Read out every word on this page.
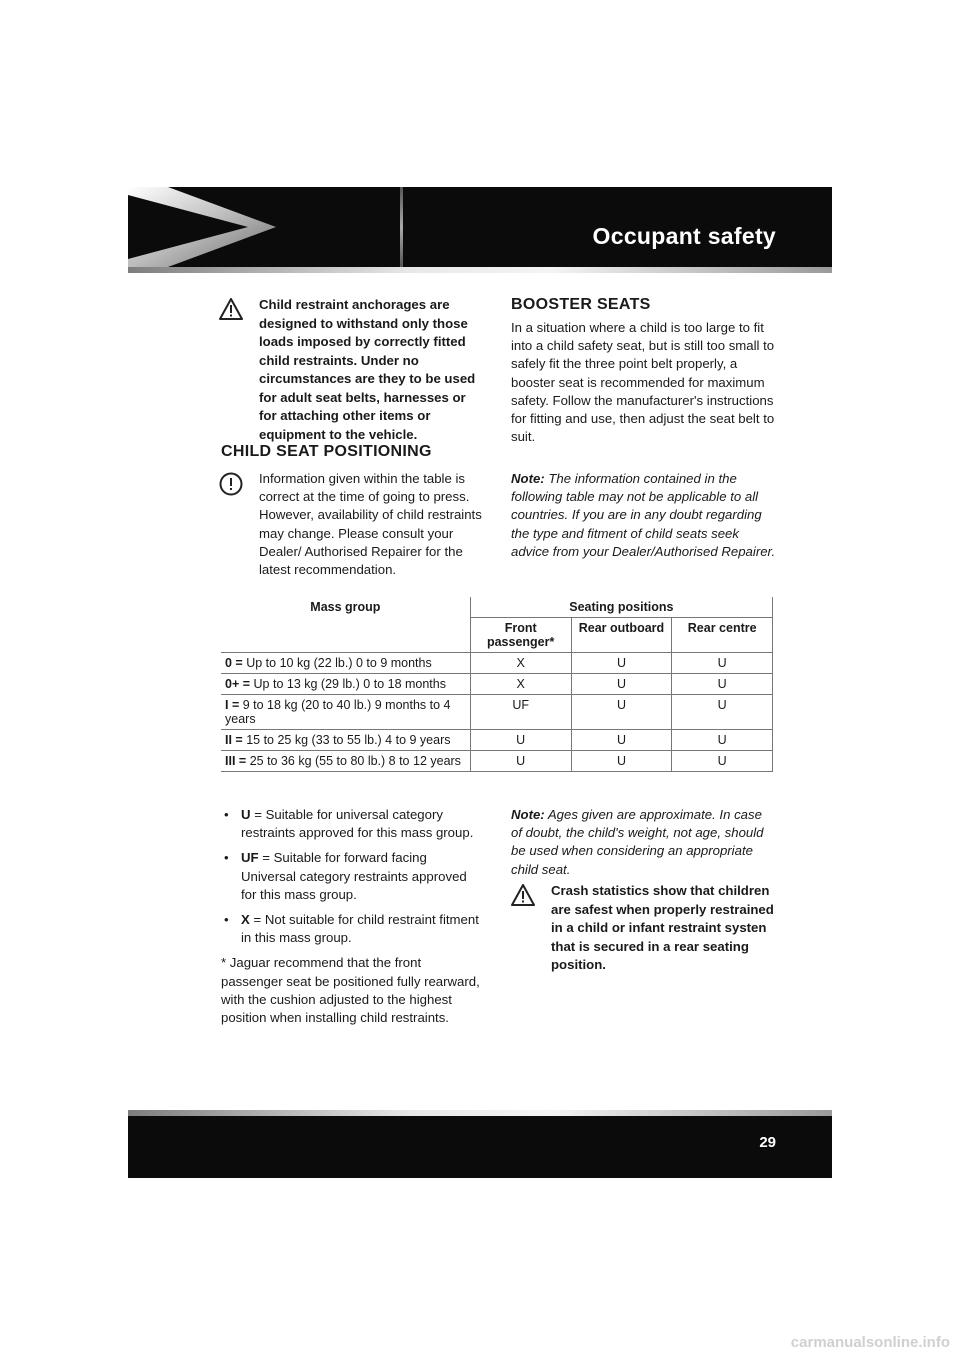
Occupant safety
Child restraint anchorages are designed to withstand only those loads imposed by correctly fitted child restraints. Under no circumstances are they to be used for adult seat belts, harnesses or for attaching other items or equipment to the vehicle.
BOOSTER SEATS
In a situation where a child is too large to fit into a child safety seat, but is still too small to safely fit the three point belt properly, a booster seat is recommended for maximum safety. Follow the manufacturer's instructions for fitting and use, then adjust the seat belt to suit.
CHILD SEAT POSITIONING
Information given within the table is correct at the time of going to press. However, availability of child restraints may change. Please consult your Dealer/ Authorised Repairer for the latest recommendation.
Note: The information contained in the following table may not be applicable to all countries. If you are in any doubt regarding the type and fitment of child seats seek advice from your Dealer/Authorised Repairer.
Mass group	Seating positions		
	Front passenger*	Rear outboard	Rear centre
0 = Up to 10 kg (22 lb.) 0 to 9 months	X	U	U
0+ = Up to 13 kg (29 lb.) 0 to 18 months	X	U	U
I = 9 to 18 kg (20 to 40 lb.) 9 months to 4 years	UF	U	U
II = 15 to 25 kg (33 to 55 lb.) 4 to 9 years	U	U	U
III = 25 to 36 kg (55 to 80 lb.) 8 to 12 years	U	U	U
• U = Suitable for universal category restraints approved for this mass group.
• UF = Suitable for forward facing Universal category restraints approved for this mass group.
• X = Not suitable for child restraint fitment in this mass group.
* Jaguar recommend that the front passenger seat be positioned fully rearward, with the cushion adjusted to the highest position when installing child restraints.
Note: Ages given are approximate. In case of doubt, the child's weight, not age, should be used when considering an appropriate child seat.
Crash statistics show that children are safest when properly restrained in a child or infant restraint systen that is secured in a rear seating position.
29
carmanualsonline.info
